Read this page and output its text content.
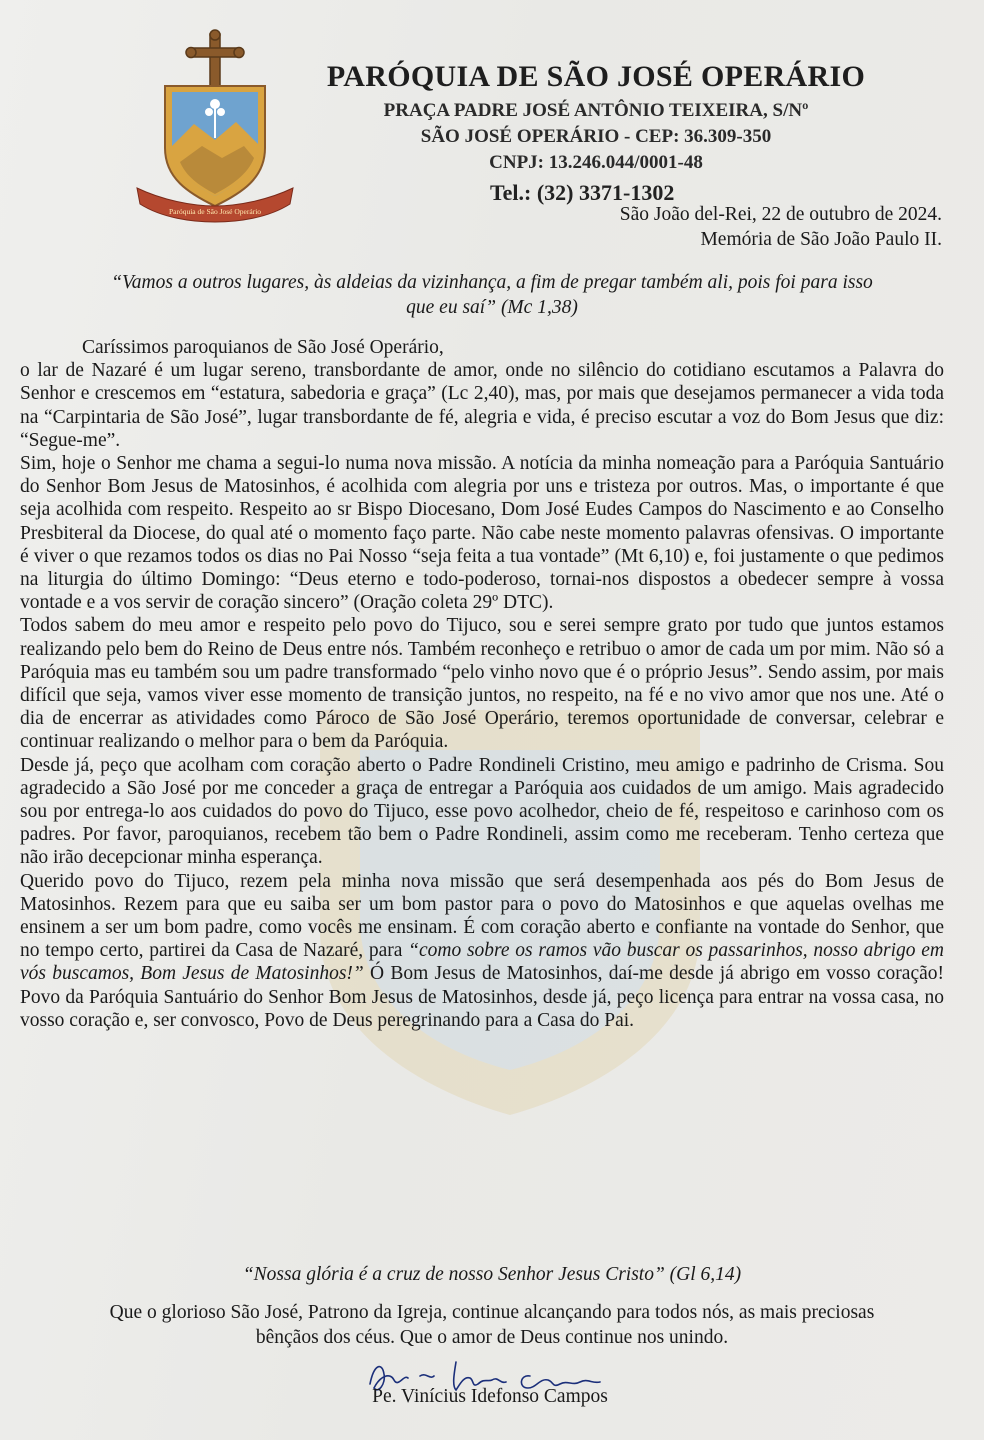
Paróquia de São José Operário
PARÓQUIA DE SÃO JOSÉ OPERÁRIO
PRAÇA PADRE JOSÉ ANTÔNIO TEIXEIRA, S/Nº
SÃO JOSÉ OPERÁRIO - CEP: 36.309-350
CNPJ: 13.246.044/0001-48
Tel.: (32) 3371-1302
São João del-Rei, 22 de outubro de 2024.
Memória de São João Paulo II.
“Vamos a outros lugares, às aldeias da vizinhança, a fim de pregar também ali, pois foi para isso
que eu saí” (Mc 1,38)

Caríssimos paroquianos de São José Operário,

o lar de Nazaré é um lugar sereno, transbordante de amor, onde no silêncio do cotidiano escutamos a Palavra do Senhor e crescemos em “estatura, sabedoria e graça” (Lc 2,40), mas, por mais que desejamos permanecer a vida toda na “Carpintaria de São José”, lugar transbordante de fé, alegria e vida, é preciso escutar a voz do Bom Jesus que diz: “Segue-me”.

Sim, hoje o Senhor me chama a segui-lo numa nova missão. A notícia da minha nomeação para a Paróquia Santuário do Senhor Bom Jesus de Matosinhos, é acolhida com alegria por uns e tristeza por outros. Mas, o importante é que seja acolhida com respeito. Respeito ao sr Bispo Diocesano, Dom José Eudes Campos do Nascimento e ao Conselho Presbiteral da Diocese, do qual até o momento faço parte. Não cabe neste momento palavras ofensivas. O importante é viver o que rezamos todos os dias no Pai Nosso “seja feita a tua vontade” (Mt 6,10) e, foi justamente o que pedimos na liturgia do último Domingo: “Deus eterno e todo-poderoso, tornai-nos dispostos a obedecer sempre à vossa vontade e a vos servir de coração sincero” (Oração coleta 29º DTC).

Todos sabem do meu amor e respeito pelo povo do Tijuco, sou e serei sempre grato por tudo que juntos estamos realizando pelo bem do Reino de Deus entre nós. Também reconheço e retribuo o amor de cada um por mim. Não só a Paróquia mas eu também sou um padre transformado “pelo vinho novo que é o próprio Jesus”. Sendo assim, por mais difícil que seja, vamos viver esse momento de transição juntos, no respeito, na fé e no vivo amor que nos une. Até o dia de encerrar as atividades como Pároco de São José Operário, teremos oportunidade de conversar, celebrar e continuar realizando o melhor para o bem da Paróquia.

Desde já, peço que acolham com coração aberto o Padre Rondineli Cristino, meu amigo e padrinho de Crisma. Sou agradecido a São José por me conceder a graça de entregar a Paróquia aos cuidados de um amigo. Mais agradecido sou por entrega-lo aos cuidados do povo do Tijuco, esse povo acolhedor, cheio de fé, respeitoso e carinhoso com os padres. Por favor, paroquianos, recebem tão bem o Padre Rondineli, assim como me receberam. Tenho certeza que não irão decepcionar minha esperança.

Querido povo do Tijuco, rezem pela minha nova missão que será desempenhada aos pés do Bom Jesus de Matosinhos. Rezem para que eu saiba ser um bom pastor para o povo do Matosinhos e que aquelas ovelhas me ensinem a ser um bom padre, como vocês me ensinam. É com coração aberto e confiante na vontade do Senhor, que no tempo certo, partirei da Casa de Nazaré, para “como sobre os ramos vão buscar os passarinhos, nosso abrigo em vós buscamos, Bom Jesus de Matosinhos!” Ó Bom Jesus de Matosinhos, daí-me desde já abrigo em vosso coração! Povo da Paróquia Santuário do Senhor Bom Jesus de Matosinhos, desde já, peço licença para entrar na vossa casa, no vosso coração e, ser convosco, Povo de Deus peregrinando para a Casa do Pai.

“Nossa glória é a cruz de nosso Senhor Jesus Cristo” (Gl 6,14)
Que o glorioso São José, Patrono da Igreja, continue alcançando para todos nós, as mais preciosas
bênçãos dos céus. Que o amor de Deus continue nos unindo.
Pe. Vinícius Idefonso Campos
